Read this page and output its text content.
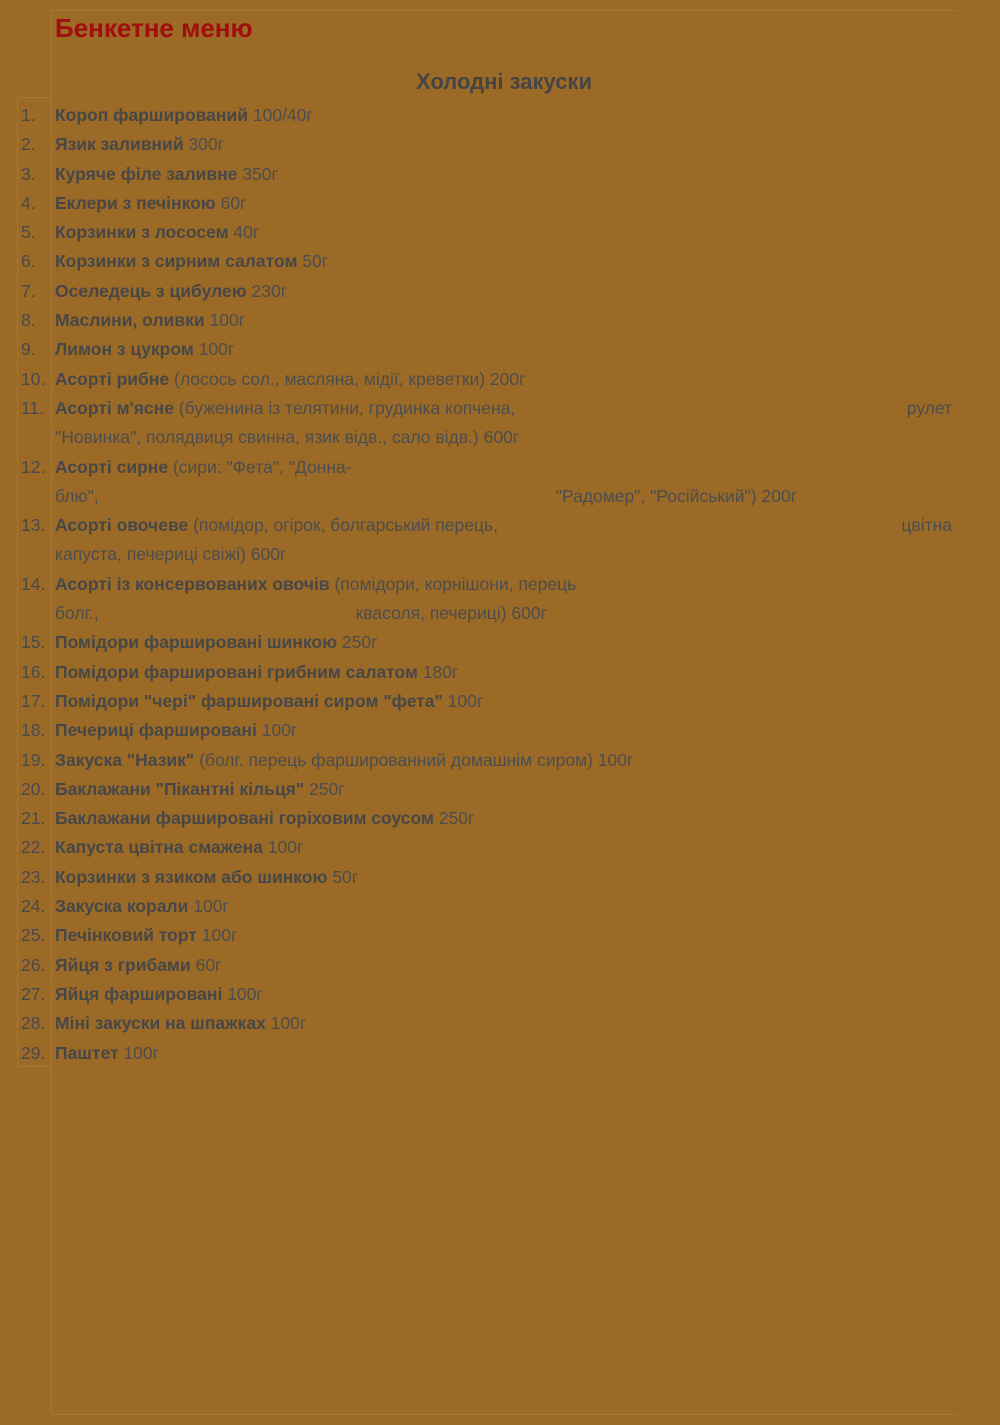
Бенкетне меню
Холодні закуски
1. Короп фарширований 100/40г
2. Язик заливний 300г
3. Куряче філе заливне 350г
4. Еклери з печінкою 60г
5. Корзинки з лососем 40г
6. Корзинки з сирним салатом 50г
7. Оселедець з цибулею 230г
8. Маслини, оливки 100г
9. Лимон з цукром 100г
10. Асорті рибне (лосось сол., масляна, мідії, креветки) 200г
11. Асорті м'ясне (буженина із телятини, грудинка копчена,	рулет
"Новинка", полядвиця свинна, язик відв., сало відв.) 600г
12. Асорті сирне (сири: "Фета", "Донна-
блю",	"Радомер", "Російський") 200г
13. Асорті овочеве (помідор, огірок, болгарський перець,	цвітна
капуста, печериці свіжі) 600г
14. Асорті із консервованих овочів (помідори, корнішони, перець
болг.,	квасоля, печериці) 600г
15. Помідори фаршировані шинкою 250г
16. Помідори фаршировані грибним салатом 180г
17. Помідори "чері" фаршировані сиром "фета" 100г
18. Печериці фаршировані 100г
19. Закуска "Назик" (болг. перець фаршированний домашнім сиром) 100г
20. Баклажани "Пікантні кільця" 250г
21. Баклажани фаршировані горіховим соусом 250г
22. Капуста цвітна смажена 100г
23. Корзинки з язиком або шинкою 50г
24. Закуска корали 100г
25. Печінковий торт 100г
26. Яйця з грибами 60г
27. Яйця фаршировані 100г
28. Міні закуски на шпажках 100г
29. Паштет 100г
